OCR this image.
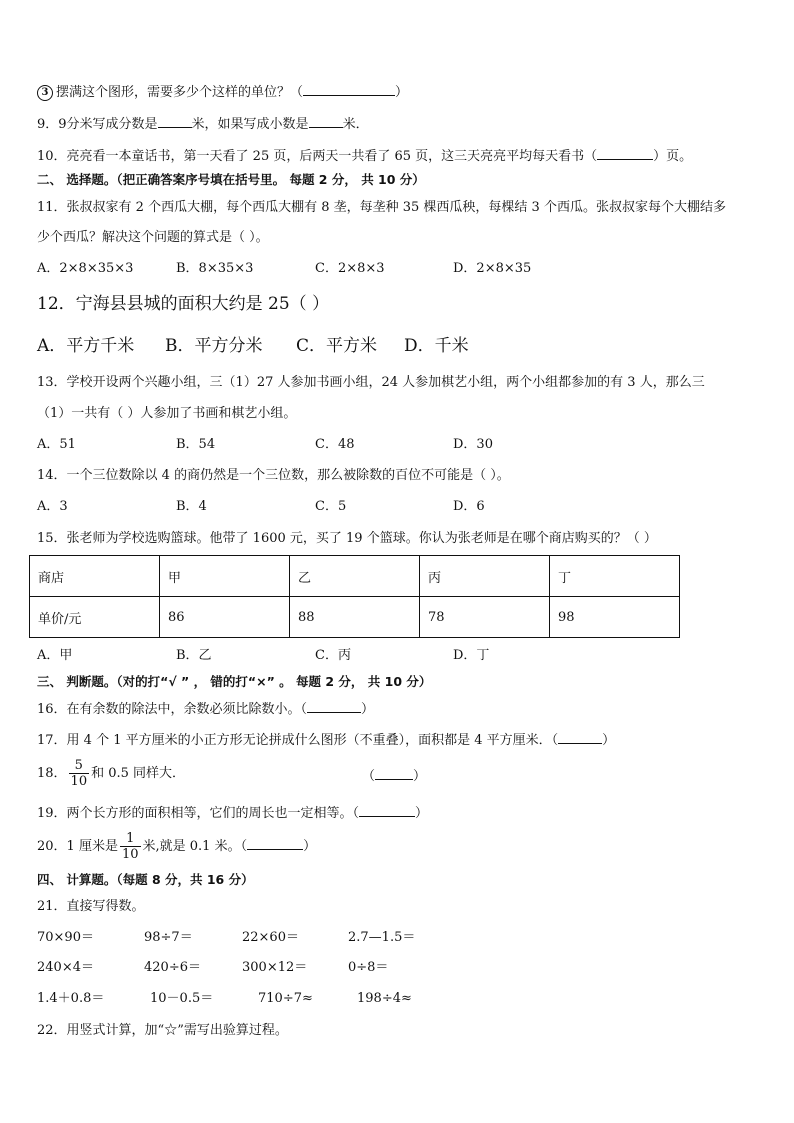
3 摆满这个图形，需要多少个这样的单位？（	）
9．9分米写成分数是	米，如果写成小数是	米．
10．亮亮看一本童话书，第一天看了 25 页，后两天一共看了 65 页，这三天亮亮平均每天看书（	）页。
二、 选择题。（把正确答案序号填在括号里。 每题 2 分， 共 10 分）
11．张叔叔家有 2 个西瓜大棚，每个西瓜大棚有 8 垄，每垄种 35 棵西瓜秧，每棵结 3 个西瓜。张叔叔家每个大棚结多
少个西瓜？解决这个问题的算式是（ ）。
A．2×8×35×3	B．8×35×3	C．2×8×3	D．2×8×35
12．宁海县县城的面积大约是 25（ ）
A．平方千米 B．平方分米 C．平方米 D．千米
13．学校开设两个兴趣小组，三（1）27 人参加书画小组，24 人参加棋艺小组，两个小组都参加的有 3 人，那么三
（1）一共有（ ）人参加了书画和棋艺小组。
A．51	B．54	C．48	D．30
14．一个三位数除以 4 的商仍然是一个三位数，那么被除数的百位不可能是（ ）。
A．3	B．4	C．5	D．6
15．张老师为学校选购篮球。他带了 1600 元，买了 19 个篮球。你认为张老师是在哪个商店购买的？（ ）
商店	甲	乙	丙	丁
单价/元	86	88	78	98
A．甲	B．乙	C．丙	D．丁
三、 判断题。（对的打“√ ” ， 错的打“×” 。 每题 2 分， 共 10 分）
16．在有余数的除法中，余数必须比除数小。（	）
17．用 4 个 1 平方厘米的小正方形无论拼成什么图形（不重叠），面积都是 4 平方厘米．（	）
18． $\frac{5}{10}$ 和 0.5 同样大．	（	）
19．两个长方形的面积相等，它们的周长也一定相等。（	）
20．1 厘米是 $\frac{1}{10}$ 米,就是 0.1 米。（	）
四、 计算题。（每题 8 分，共 16 分）
21．直接写得数。
70×90＝	98÷7＝	22×60＝	2.7—1.5＝
240×4＝	420÷6＝	300×12＝	0÷8＝
1.4＋0.8＝	10－0.5＝	710÷7≈	198÷4≈
22．用竖式计算，加“☆”需写出验算过程。
